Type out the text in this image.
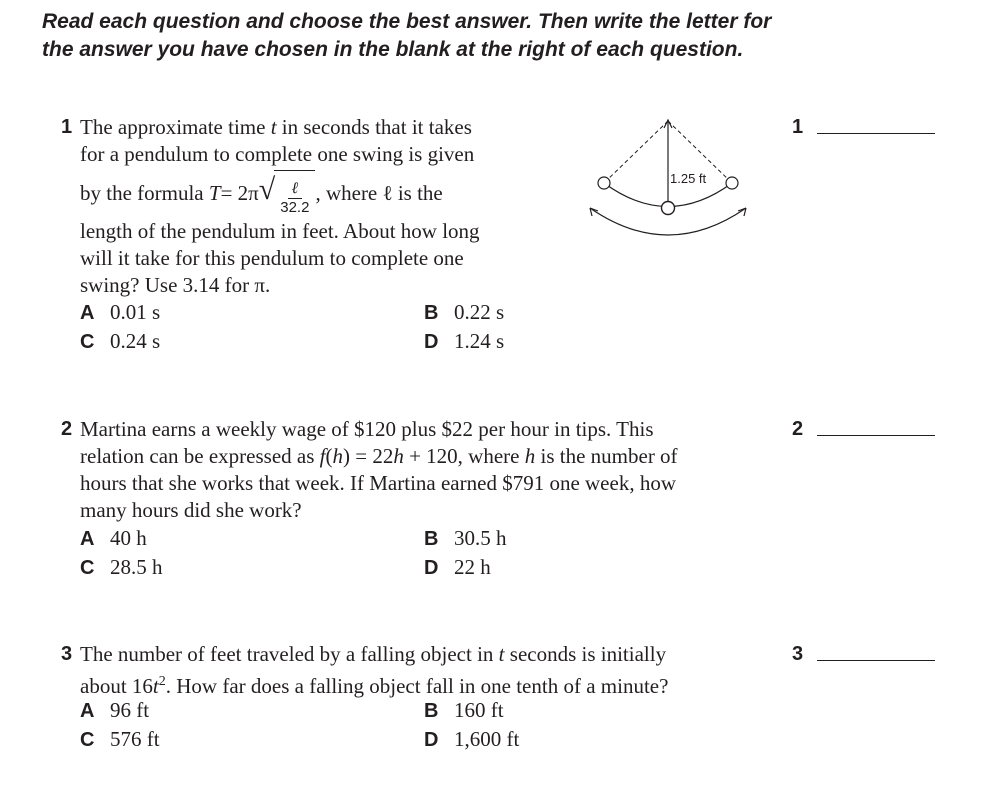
Read each question and choose the best answer. Then write the letter for the answer you have chosen in the blank at the right of each question.
1 The approximate time t in seconds that it takes
for a pendulum to complete one swing is given
by the formula
T = 2π √ $\frac{\text{ℓ}}{32.2}$ , where ℓ is the
length of the pendulum in feet. About how long
will it take for this pendulum to complete one
swing? Use 3.14 for π.
1.25 ft
A 0.01 s	B 0.22 s
C 0.24 s	D 1.24 s
1
2 Martina earns a weekly wage of $120 plus $22 per hour in tips. This
relation can be expressed as f(h) = 22h + 120, where h is the number of
hours that she works that week. If Martina earned $791 one week, how
many hours did she work?
A 40 h	B 30.5 h
C 28.5 h	D 22 h
2
3 The number of feet traveled by a falling object in t seconds is initially
about $16t^2$. How far does a falling object fall in one tenth of a minute?
A 96 ft	B 160 ft
C 576 ft	D 1,600 ft
3
